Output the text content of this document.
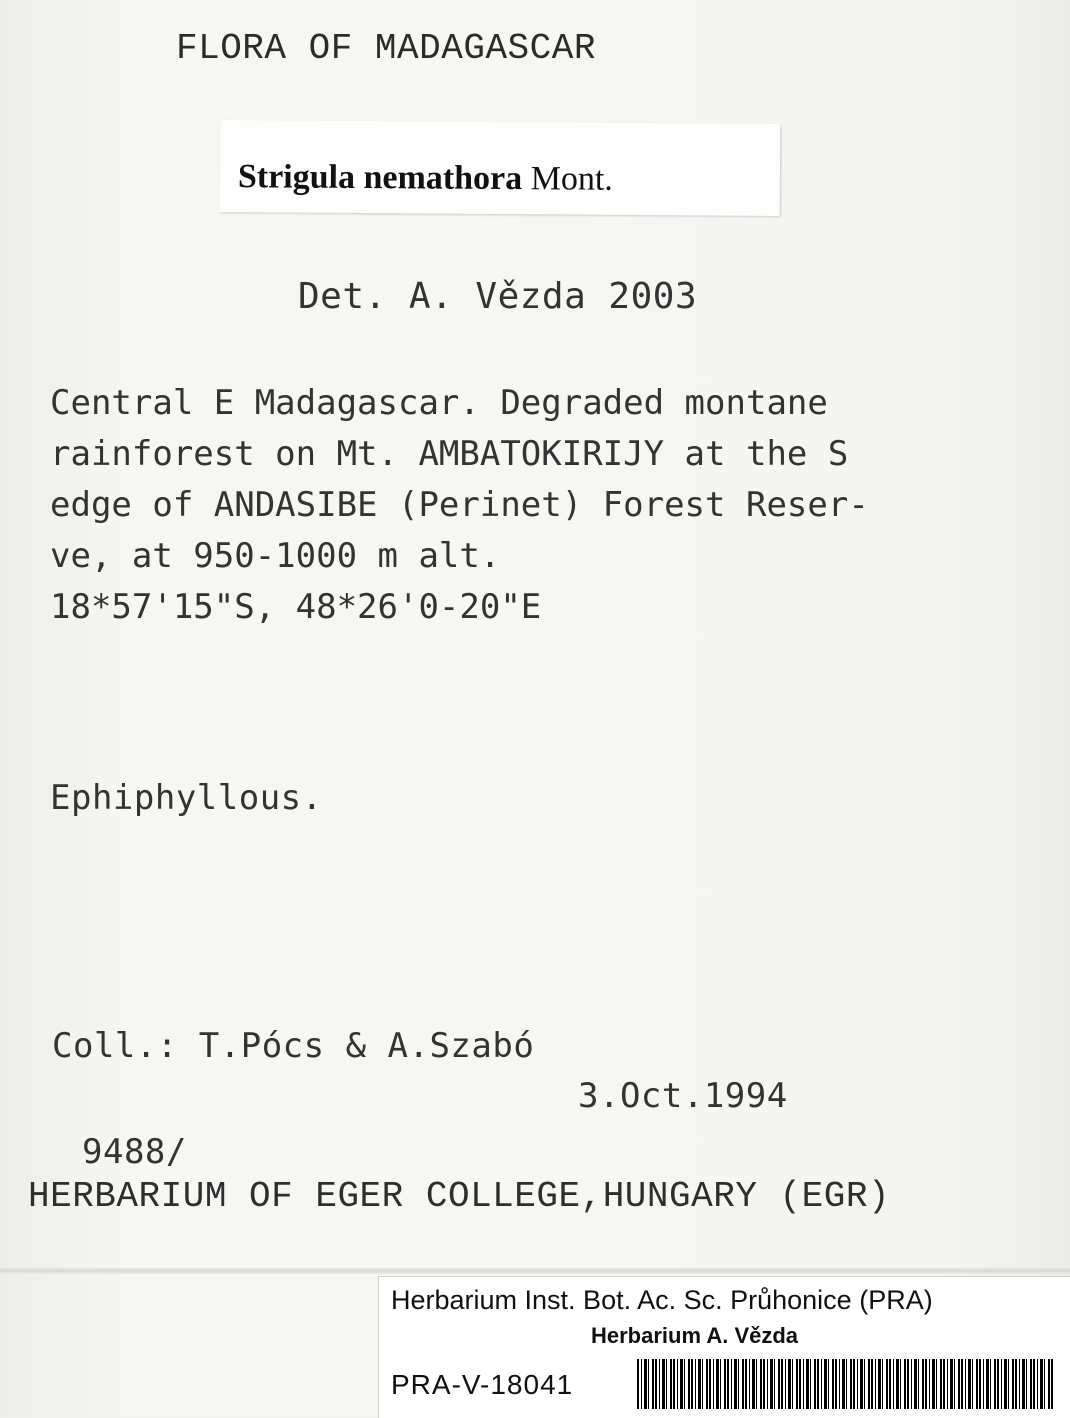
FLORA OF MADAGASCAR
Strigula nemathora Mont.
Det. A. Vězda 2003
Central E Madagascar. Degraded montane
rainforest on Mt. AMBATOKIRIJY at the S
edge of ANDASIBE (Perinet) Forest Reser-
ve, at 950-1000 m alt.
18*57'15"S, 48*26'0-20"E
Ephiphyllous.
Coll.: T.Pócs & A.Szabó
3.Oct.1994
9488/
HERBARIUM OF EGER COLLEGE,HUNGARY (EGR)
Herbarium Inst. Bot. Ac. Sc. Průhonice (PRA)
Herbarium A. Vězda
PRA-V-18041
